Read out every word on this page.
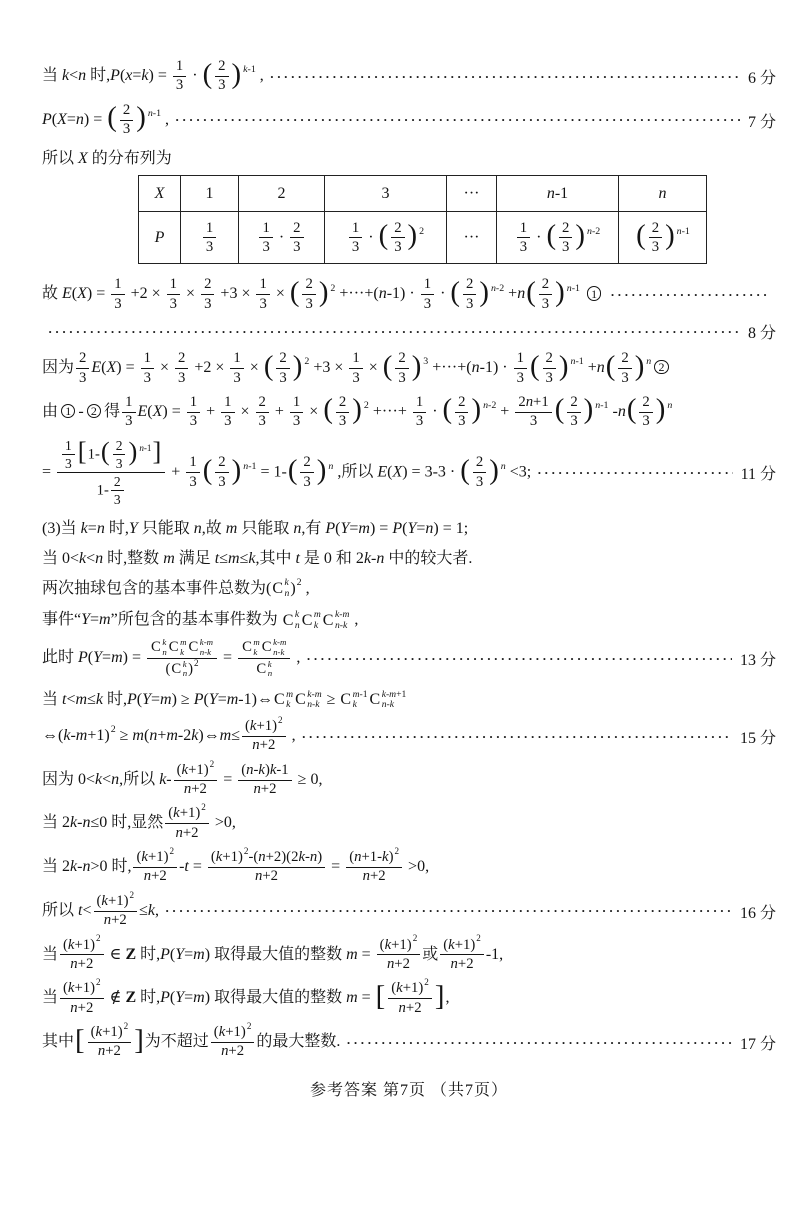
当 k<n 时$,P(x=k) = \frac{1}{3}$ · ( $\frac{2}{3}$ ) $^{k-1}$ , ·····	6 分
P(X=n) = ( $\frac{2}{3}$ ) $^{n-1}$ , ·····	7 分
所以 X 的分布列为
X	1	2	3	···	n-1	n
P	$\frac{1}{3}$	$\frac{1}{3} \cdot \frac{2}{3}$	$\frac{1}{3}$ · ( $\frac{2}{3}$ ) $^2$	···	$\frac{1}{3}$ · ( $\frac{2}{3}$ ) $^{n-2}$	( $\frac{2}{3}$ ) $^{n-1}$
故 $E(X) = \frac{1}{3} +2 \times \frac{1}{3} \times \frac{2}{3} +3 \times \frac{1}{3}$ × ( $\frac{2}{3}$ ) $^2 +\cdot\cdot\cdot+(n-1) \cdot \frac{1}{3}$ · ( $\frac{2}{3}$ ) $^{n-2} +n( \frac{2}{3}$ ) $^{n-1}$ 1
·····
·····
8 分
因为 $\frac{2}{3} E(X) = \frac{1}{3} \times \frac{2}{3} +2 \times \frac{1}{3}$ × ( $\frac{2}{3}$ ) $^2 +3 \times \frac{1}{3}$ × ( $\frac{2}{3}$ ) $^3 +\cdot\cdot\cdot+(n-1) \cdot \frac{1}{3}$ ( $\frac{2}{3}$ ) $^{n-1} +n( \frac{2}{3}$ ) $^n$ 2
由 1 - 2 得 $\frac{1}{3} E(X) = \frac{1}{3} + \frac{1}{3} \times \frac{2}{3} + \frac{1}{3}$ × ( $\frac{2}{3}$ ) $^2$ +···+ $\frac{1}{3}$ · ( $\frac{2}{3}$ ) $^{n-2} + \frac{2n+1}{3}$ ( $\frac{2}{3}$ ) $^{n-1}$ $-n( \frac{2}{3}$ ) $^n$
= $\frac{\frac{1}{3} [1-( \frac{2}{3} ) ^{n-1}]}{1- \frac{2}{3}} + \frac{1}{3}$ ( $\frac{2}{3}$ ) $^{n-1} = 1-( \frac{2}{3}$ ) $^n$ ,所以 E(X) = 3-3 · ( $\frac{2}{3}$ ) $^n$ <3; ·····	11 分
(3)当 k=n 时,Y 只能取 n,故 m 只能取 n,有 P(Y=m) = P(Y=n) = 1;
当 0<k<n 时,整数 m 满足 t≤m≤k,其中 t 是 0 和 2k-n 中的较大者.
两次抽球包含的基本事件总数为( C k
n )$^2$ ,
事件“Y=m”所包含的基本事件数为 C k
n C m
k C k-m
n-k ,
此时 P(Y=m) = C k
n C m
k C k-m
n-k
( C k
n )$^2$ = C m
k C k-m
n-k
C k
n , ·····	13 分
当 t<m≤k 时,P(Y=m) ≥ P(Y=m-1)⇔ C m
k C k-m
n-k ≥ C m-1
k C k-m+1
n-k
$\Leftrightarrow(k-m+1)^2$ ≥ m(n+m-2k)⇔m≤ $\frac{(k+1)^2}{n+2}$ , ·····	15 分
因为 0<k<n,所以 $k- \frac{(k+1)^2}{n+2} = \frac{(n-k)k-1}{n+2} \ge 0$,
当 2k-n≤0 时,显然 $\frac{(k+1)^2}{n+2} >0$,
当 2k-n>0 时, $\frac{(k+1)^2}{n+2} -t = \frac{(k+1)^2-(n+2)(2k-n)}{n+2} = \frac{(n+1-k)^2}{n+2} >0$,
所以 $t< \frac{(k+1)^2}{n+2} \le k$, ·····	16 分
当 $\frac{(k+1)^2}{n+2}$ ∈ Z 时,P(Y=m) 取得最大值的整数 $m = \frac{(k+1)^2}{n+2}$ 或 $\frac{(k+1)^2}{n+2} -1$,
当 $\frac{(k+1)^2}{n+2}$ ∉ Z 时,P(Y=m) 取得最大值的整数 m = [ $\frac{(k+1)^2}{n+2}$ ],
其中[ $\frac{(k+1)^2}{n+2}$ ]为不超过 $\frac{(k+1)^2}{n+2}$ 的最大整数. ·····	17 分
参考答案 第7页 （共7页）
